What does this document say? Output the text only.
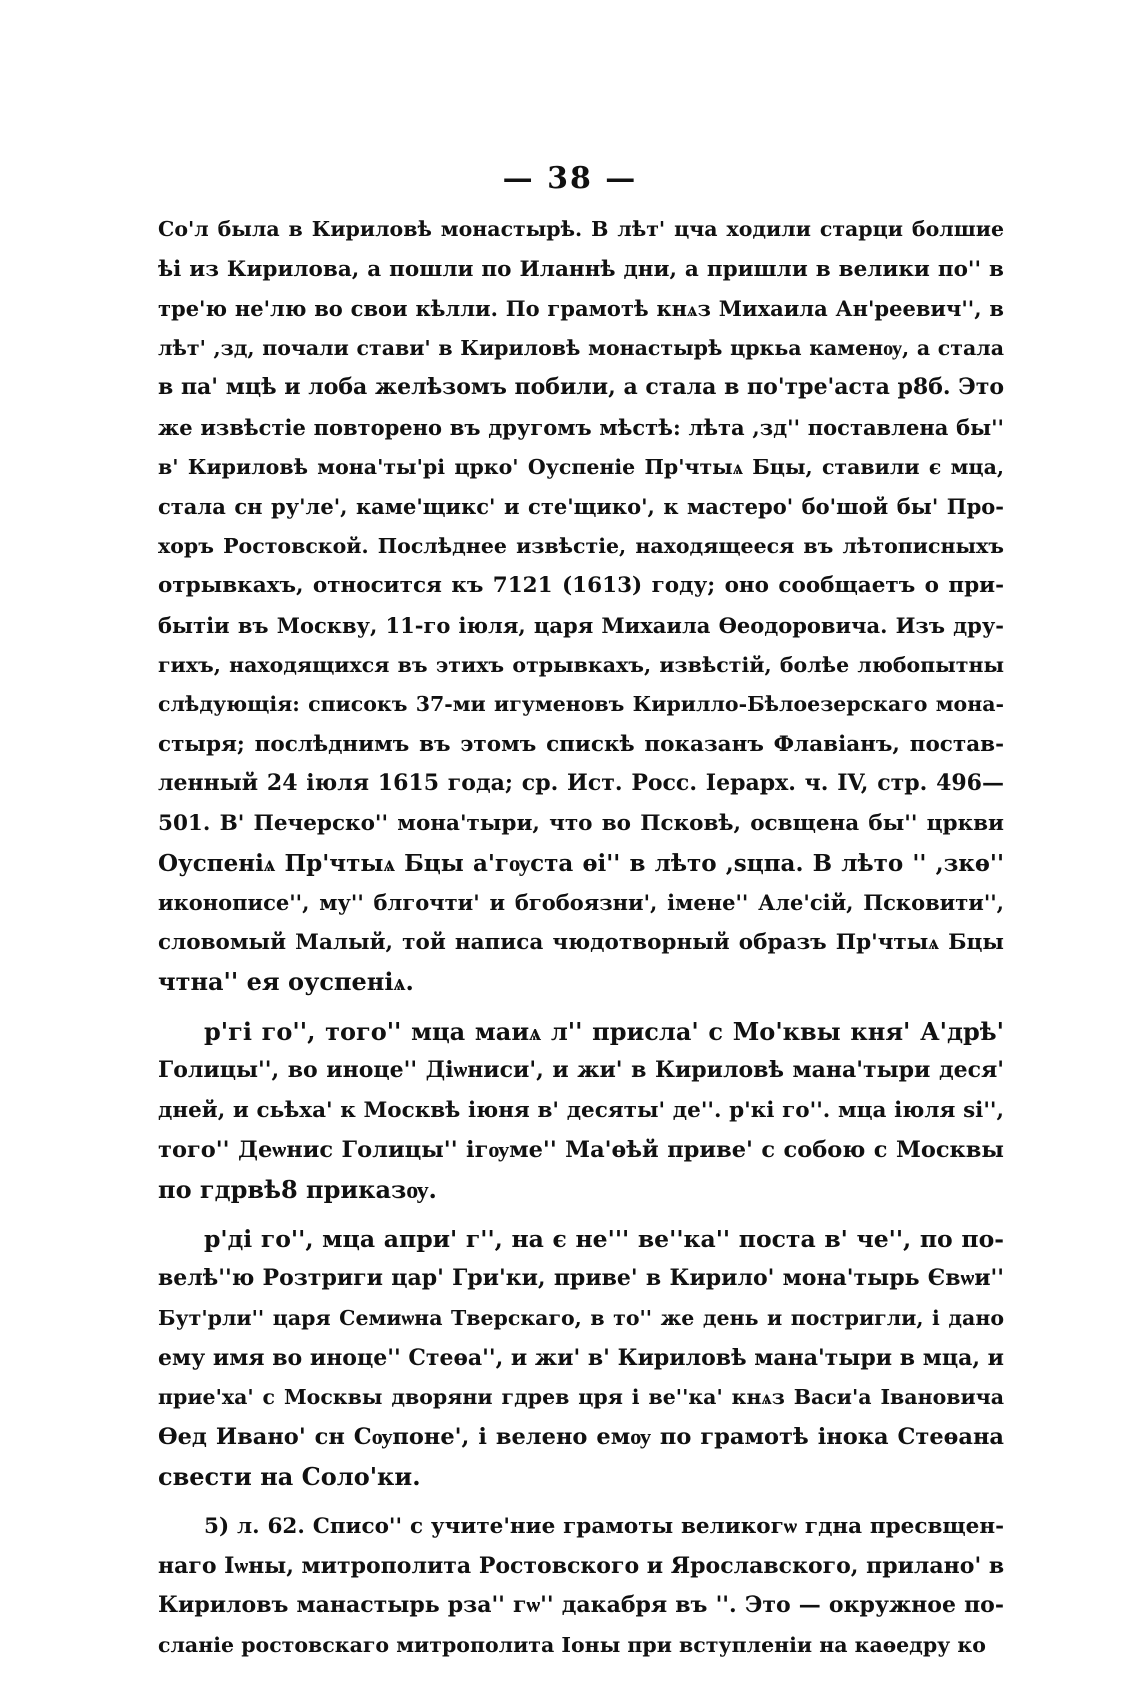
— 38 —
Со'л была в Кириловѣ монастырѣ. В лѣт' цча ходили старци болшие
ѣі из Кирилова, а пошли по Иланнѣ дни, а пришли в велики по'' в
тре'ю не'лю во свои кѣлли. По грамотѣ кнѧз Михаила Ан'реевич'', в
лѣт' ,зд, почали стави' в Кириловѣ монастырѣ цркьа каменѹ, а стала
в па' мцѣ и лоба желѣзомъ побили, а стала в по'тре'аста р8б. Это
же извѣстіе повторено въ другомъ мѣстѣ: лѣта ,зд'' поставлена бы''
в' Кириловѣ мона'ты'рі црко' Оуспеніе Пр'чтыѧ Бцы, ставили є мца,
стала сн ру'ле', каме'щикс' и сте'щико', к мастеро' бо'шой бы' Про-
хоръ Ростовской. Послѣднее извѣстіе, находящееся въ лѣтописныхъ
отрывкахъ, относится къ 7121 (1613) году; оно сообщаетъ о при-
бытіи въ Москву, 11-го іюля, царя Михаила Ѳеодоровича. Изъ дру-
гихъ, находящихся въ этихъ отрывкахъ, извѣстій, болѣе любопытны
слѣдующія: списокъ 37-ми игуменовъ Кирилло-Бѣлоезерскаго мона-
стыря; послѣднимъ въ этомъ спискѣ показанъ Флавіанъ, постав-
ленный 24 іюля 1615 года; ср. Ист. Росс. Іерарх. ч. IV, стр. 496—
501. В' Печерско'' мона'тыри, что во Псковѣ, освщена бы'' цркви
Оуспеніѧ Пр'чтыѧ Бцы а'гѹста ѳі'' в лѣто ,sцпа. В лѣто '' ,зкѳ''
иконописе'', му'' блгочти' и бгобоязни', імене'' Але'сій, Псковити'',
словомый Малый, той написа чюдотворный образъ Пр'чтыѧ Бцы
чтна'' ея оуспеніѧ.
р'гі го'', того'' мца маиѧ л'' присла' с Мо'квы кня' А'дрѣ'
Голицы'', во иноце'' Діѡниси', и жи' в Кириловѣ мана'тыри деся'
дней, и сьѣха' к Москвѣ іюня в' десяты' де''. р'кі го''. мца іюля ѕі'',
того'' Деѡнис Голицы'' ігѹме'' Ма'ѳѣй приве' с собою с Москвы
по гдрвѣ8 приказѹ.
р'ді го'', мца апри' г'', на є не''' ве''ка'' поста в' че'', по по-
велѣ''ю Розтриги цар' Гри'ки, приве' в Кирило' мона'тырь Євѡи''
Бут'рли'' царя Семиѡна Тверскаго, в то'' же день и постригли, і дано
ему имя во иноце'' Стеѳа'', и жи' в' Кириловѣ мана'тыри в мца, и
прие'ха' с Москвы дворяни гдрев цря і ве''ка' кнѧз Васи'а Івановича
Ѳед Ивано' сн Сѹпоне', і велено емѹ по грамотѣ інока Стеѳана
свести на Соло'ки.
5) л. 62. Списо'' с учите'ние грамоты великогѡ гдна пресвщен-
наго Іѡны, митрополита Ростовского и Ярославского, прилано' в
Кириловъ манастырь рза'' гѡ'' дакабря въ ''. Это — окружное по-
сланіе ростовскаго митрополита Іоны при вступленіи на каѳедру ко
